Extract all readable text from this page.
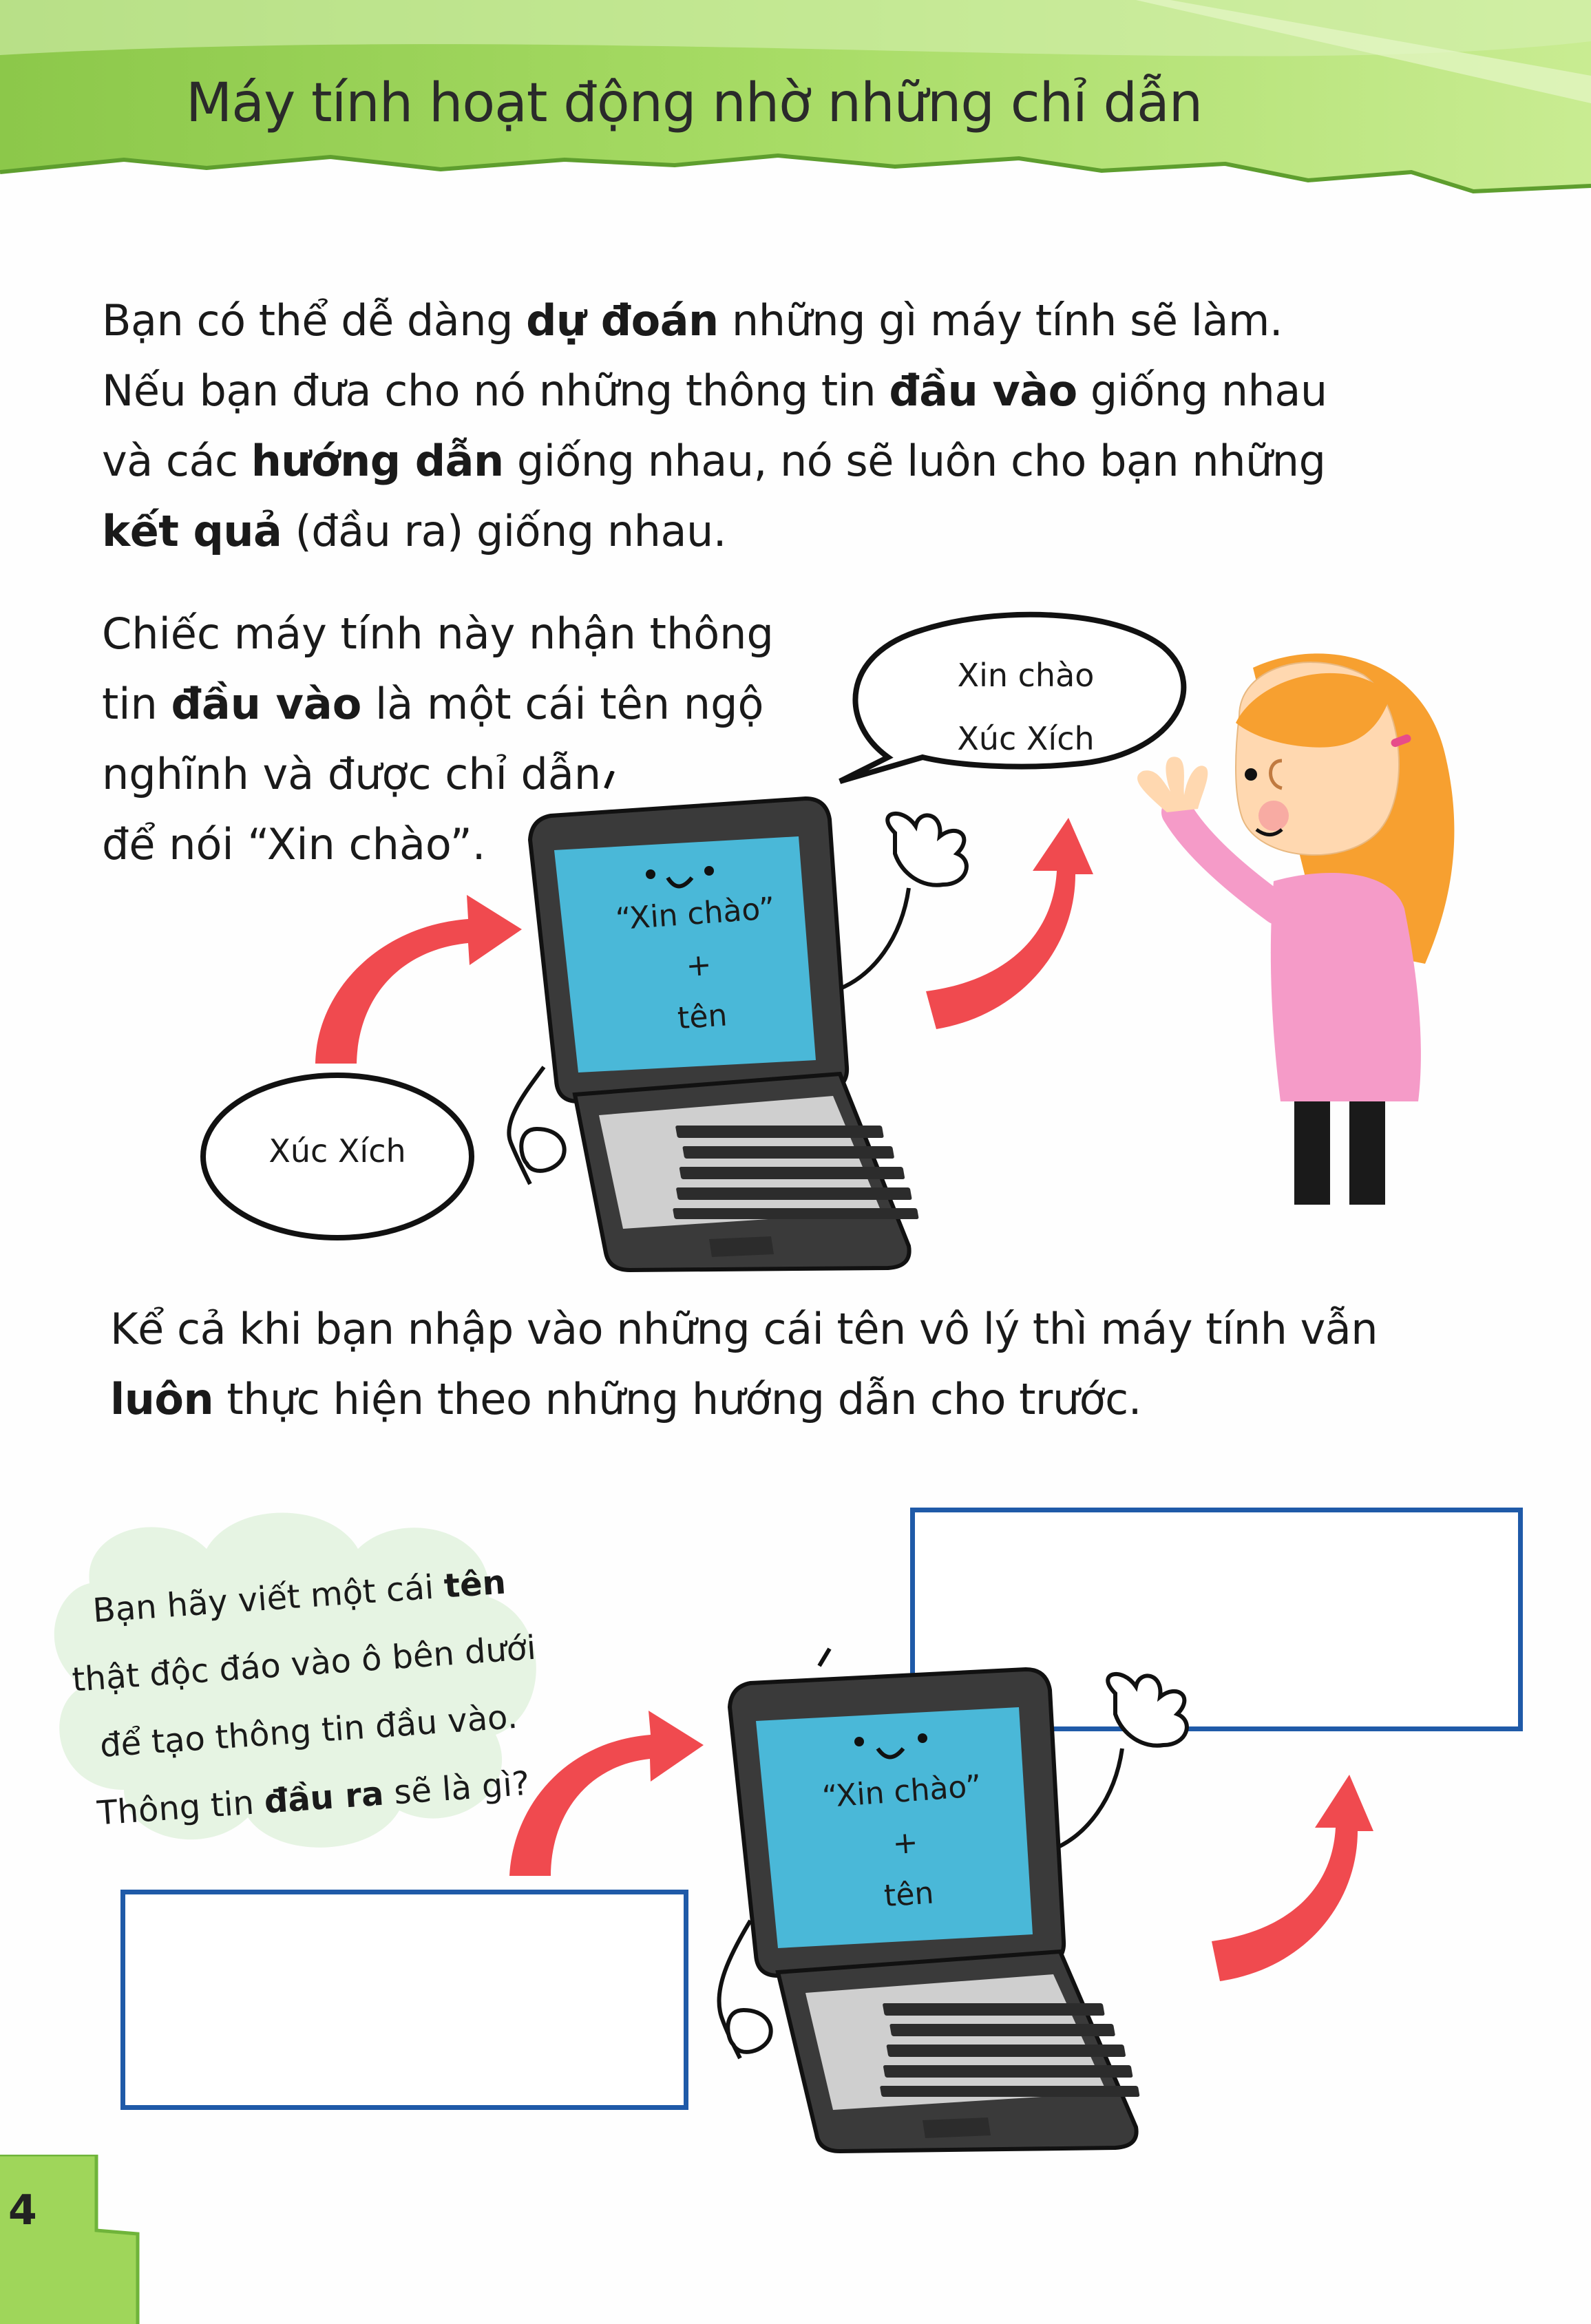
Máy tính hoạt động nhờ những chỉ dẫn
Bạn có thể dễ dàng dự đoán những gì máy tính sẽ làm.
Nếu bạn đưa cho nó những thông tin đầu vào giống nhau
và các hướng dẫn giống nhau, nó sẽ luôn cho bạn những
kết quả (đầu ra) giống nhau.
Chiếc máy tính này nhận thông
tin đầu vào là một cái tên ngộ
nghĩnh và được chỉ dẫn
để nói “Xin chào”.
Xúc Xích
Xin chào
Xúc Xích
“Xin chào”
+
tên
Kể cả khi bạn nhập vào những cái tên vô lý thì máy tính vẫn
luôn thực hiện theo những hướng dẫn cho trước.
Bạn hãy viết một cái tên
thật độc đáo vào ô bên dưới
để tạo thông tin đầu vào.
Thông tin đầu ra sẽ là gì?	“Xin chào”
+
tên
4
